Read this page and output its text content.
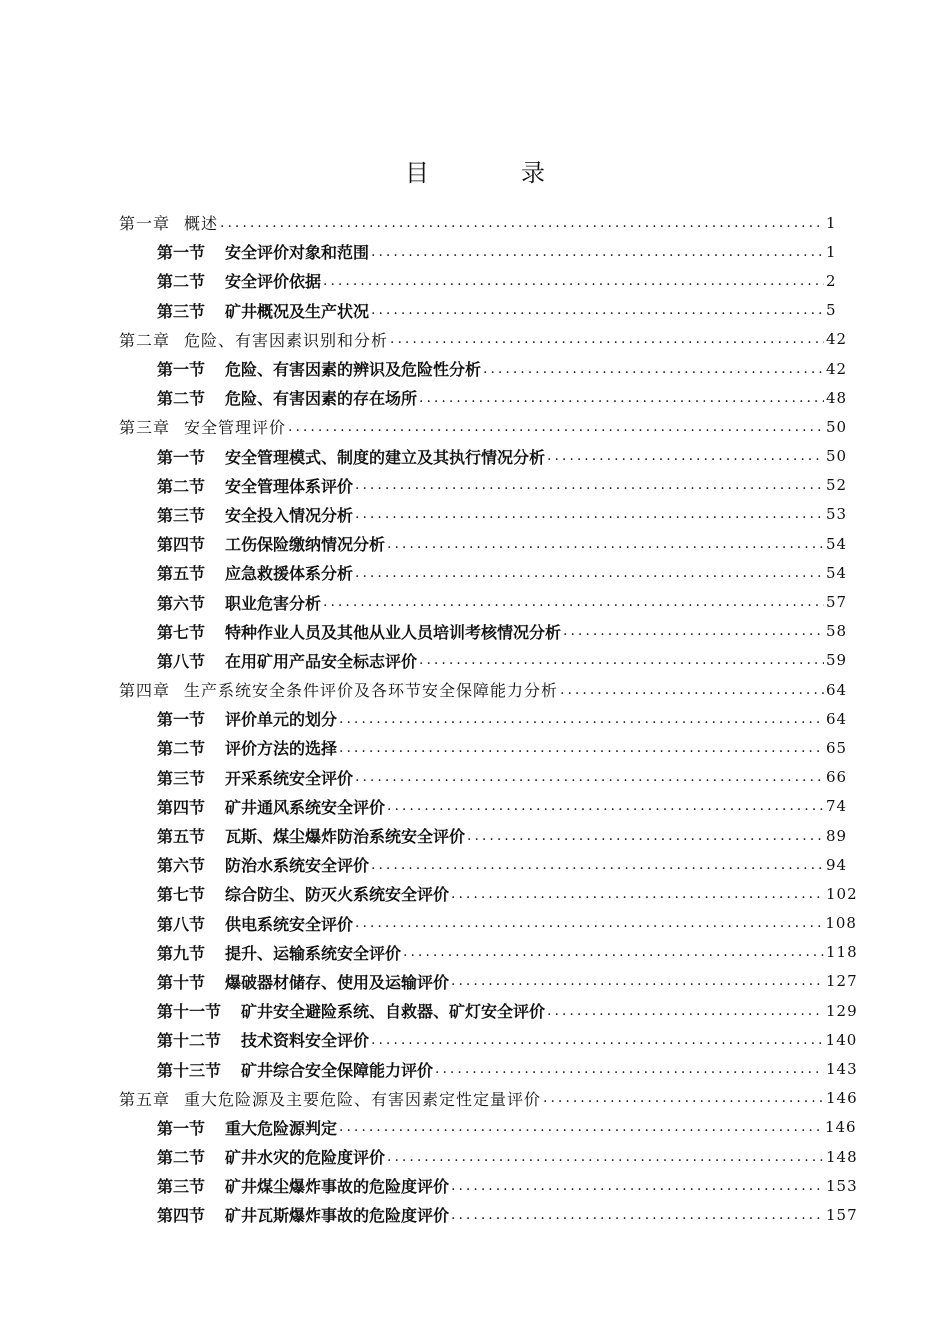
目　录
第一章 概述 .....	1
第一节 安全评价对象和范围 .....	1
第二节 安全评价依据 .....	2
第三节 矿井概况及生产状况 .....	5
第二章 危险、有害因素识别和分析 .....	42
第一节 危险、有害因素的辨识及危险性分析 .....	42
第二节 危险、有害因素的存在场所 .....	48
第三章 安全管理评价 .....	50
第一节 安全管理模式、制度的建立及其执行情况分析 .....	50
第二节 安全管理体系评价 .....	52
第三节 安全投入情况分析 .....	53
第四节 工伤保险缴纳情况分析 .....	54
第五节 应急救援体系分析 .....	54
第六节 职业危害分析 .....	57
第七节 特种作业人员及其他从业人员培训考核情况分析 .....	58
第八节 在用矿用产品安全标志评价 .....	59
第四章 生产系统安全条件评价及各环节安全保障能力分析 .....	64
第一节 评价单元的划分 .....	64
第二节 评价方法的选择 .....	65
第三节 开采系统安全评价 .....	66
第四节 矿井通风系统安全评价 .....	74
第五节 瓦斯、煤尘爆炸防治系统安全评价 .....	89
第六节 防治水系统安全评价 .....	94
第七节 综合防尘、防灭火系统安全评价 .....	102
第八节 供电系统安全评价 .....	108
第九节 提升、运输系统安全评价 .....	118
第十节 爆破器材储存、使用及运输评价 .....	127
第十一节 矿井安全避险系统、自救器、矿灯安全评价 .....	129
第十二节 技术资料安全评价 .....	140
第十三节 矿井综合安全保障能力评价 .....	143
第五章 重大危险源及主要危险、有害因素定性定量评价 .....	146
第一节 重大危险源判定 .....	146
第二节 矿井水灾的危险度评价 .....	148
第三节 矿井煤尘爆炸事故的危险度评价 .....	153
第四节 矿井瓦斯爆炸事故的危险度评价 .....	157
